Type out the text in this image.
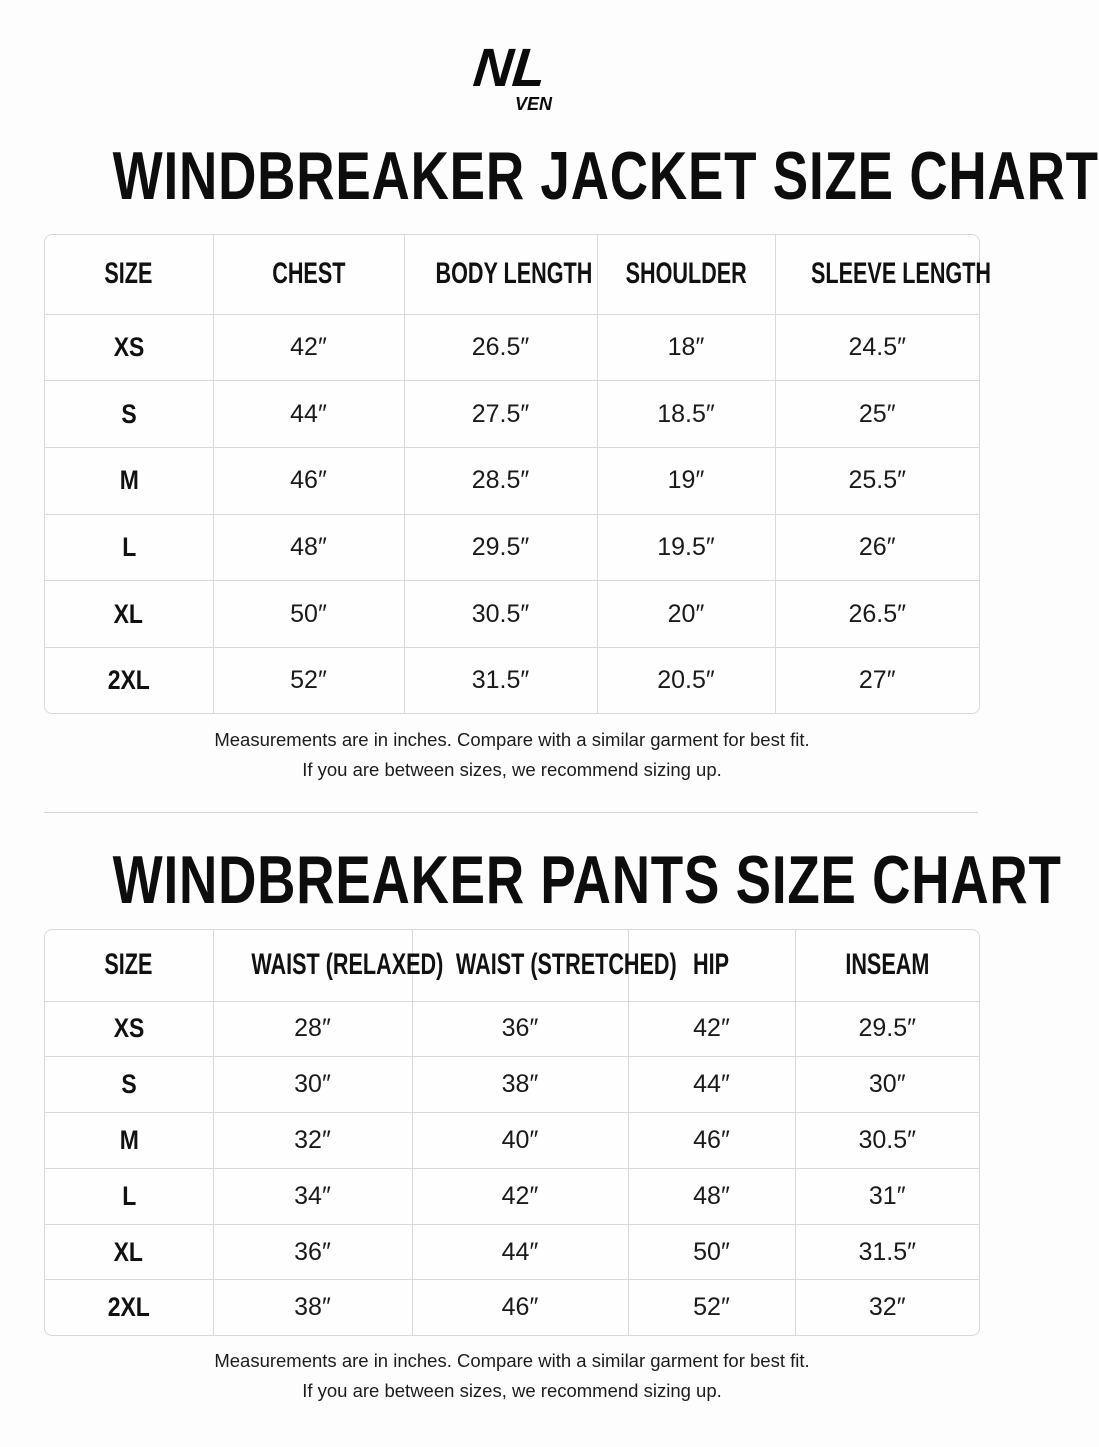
NL
VEN
WINDBREAKER JACKET SIZE CHART
SIZE	CHEST	BODY LENGTH	SHOULDER	SLEEVE LENGTH
XS	42″	26.5″	18″	24.5″
S	44″	27.5″	18.5″	25″
M	46″	28.5″	19″	25.5″
L	48″	29.5″	19.5″	26″
XL	50″	30.5″	20″	26.5″
2XL	52″	31.5″	20.5″	27″
Measurements are in inches. Compare with a similar garment for best fit.
If you are between sizes, we recommend sizing up.
WINDBREAKER PANTS SIZE CHART
SIZE	WAIST (RELAXED)	WAIST (STRETCHED)	HIP	INSEAM
XS	28″	36″	42″	29.5″
S	30″	38″	44″	30″
M	32″	40″	46″	30.5″
L	34″	42″	48″	31″
XL	36″	44″	50″	31.5″
2XL	38″	46″	52″	32″
Measurements are in inches. Compare with a similar garment for best fit.
If you are between sizes, we recommend sizing up.
